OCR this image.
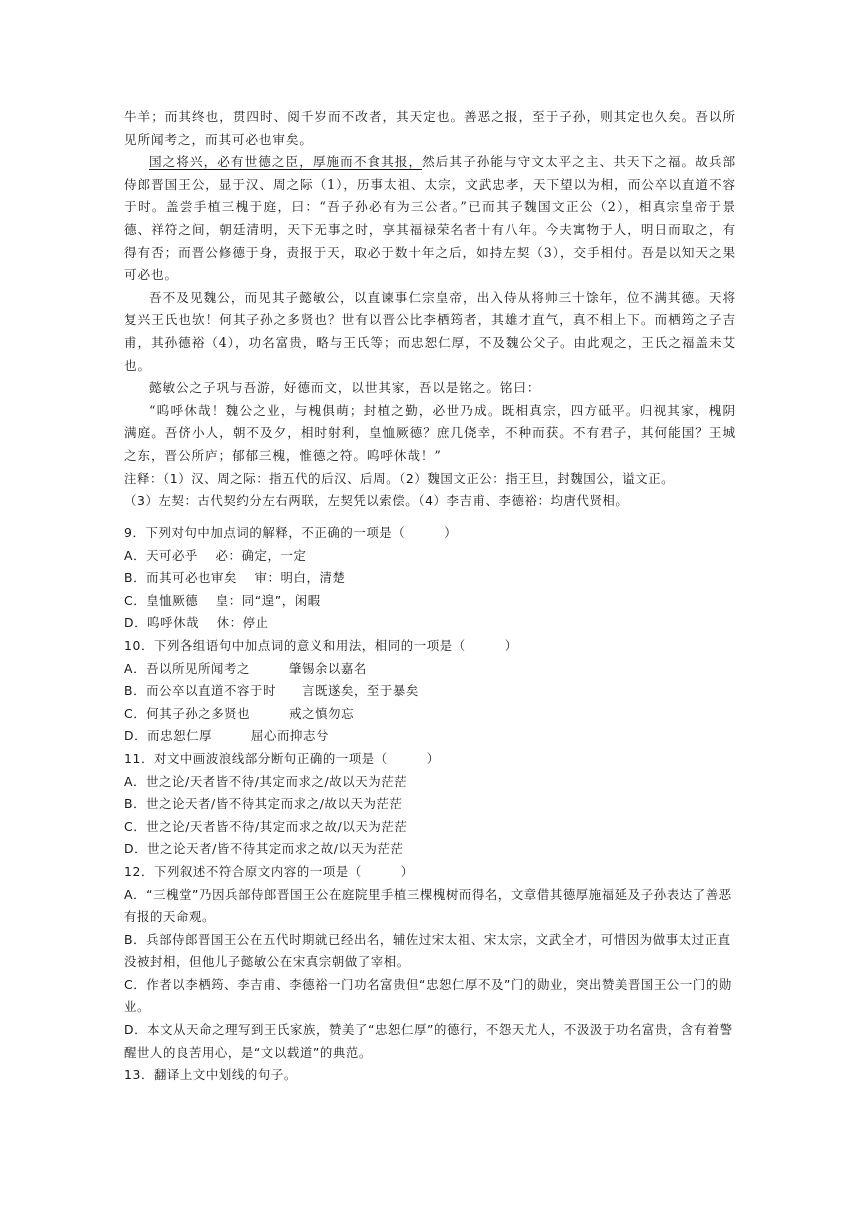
牛羊；而其终也，贯四时、阅千岁而不改者，其天定也。善恶之报，至于子孙，则其定也久矣。吾以所见所闻考之，而其可必也审矣。

国之将兴，必有世德之臣，厚施而不食其报，然后其子孙能与守文太平之主、共天下之福。故兵部侍郎晋国王公，显于汉、周之际（1），历事太祖、太宗，文武忠孝，天下望以为相，而公卒以直道不容于时。盖尝手植三槐于庭，曰：“吾子孙必有为三公者。”已而其子魏国文正公（2），相真宗皇帝于景德、祥符之间，朝廷清明，天下无事之时，享其福禄荣名者十有八年。今夫寓物于人，明日而取之，有得有否；而晋公修德于身，责报于天，取必于数十年之后，如持左契（3），交手相付。吾是以知天之果可必也。

吾不及见魏公，而见其子懿敏公，以直谏事仁宗皇帝，出入侍从将帅三十馀年，位不满其德。天将复兴王氏也欤！何其子孙之多贤也？世有以晋公比李栖筠者，其雄才直气，真不相上下。而栖筠之子吉甫，其孙德裕（4），功名富贵，略与王氏等；而忠恕仁厚，不及魏公父子。由此观之，王氏之福盖未艾也。

懿敏公之子巩与吾游，好德而文，以世其家，吾以是铭之。铭曰：

“呜呼休哉！魏公之业，与槐俱萌；封植之勤，必世乃成。既相真宗，四方砥平。归视其家，槐阴满庭。吾侪小人，朝不及夕，相时射利，皇恤厥德？庶几侥幸，不种而获。不有君子，其何能国？王城之东，晋公所庐；郁郁三槐，惟德之符。呜呼休哉！”

注释：（1）汉、周之际：指五代的后汉、后周。（2）魏国文正公：指王旦，封魏国公，谥文正。

（3）左契：古代契约分左右两联，左契凭以索偿。（4）李吉甫、李德裕：均唐代贤相。

9．下列对句中加点词的解释，不正确的一项是（　　　）

A．天可必乎　 必：确定，一定

B．而其可必也审矣　 审：明白，清楚

C．皇恤厥德　 皇：同“遑”，闲暇

D．呜呼休哉　 休：停止

10．下列各组语句中加点词的意义和用法，相同的一项是（　　　）

A．吾以所见所闻考之　　　肇锡余以嘉名

B．而公卒以直道不容于时　　言既遂矣，至于暴矣

C．何其子孙之多贤也　　　戒之慎勿忘

D．而忠恕仁厚　　　屈心而抑志兮

11．对文中画波浪线部分断句正确的一项是（　　　）

A．世之论/天者皆不待/其定而求之/故以天为茫茫

B．世之论天者/皆不待其定而求之/故以天为茫茫

C．世之论/天者皆不待/其定而求之故/以天为茫茫

D．世之论天者/皆不待其定而求之故/以天为茫茫

12．下列叙述不符合原文内容的一项是（　　　）

A．“三槐堂”乃因兵部侍郎晋国王公在庭院里手植三棵槐树而得名，文章借其德厚施福延及子孙表达了善恶有报的天命观。

B．兵部侍郎晋国王公在五代时期就已经出名，辅佐过宋太祖、宋太宗，文武全才，可惜因为做事太过正直没被封相，但他儿子懿敏公在宋真宗朝做了宰相。

C．作者以李栖筠、李吉甫、李德裕一门功名富贵但“忠恕仁厚不及”门的勋业，突出赞美晋国王公一门的勋业。

D．本文从天命之理写到王氏家族，赞美了“忠恕仁厚”的德行，不怨天尤人，不汲汲于功名富贵，含有着警醒世人的良苦用心，是“文以载道”的典范。

13．翻译上文中划线的句子。
